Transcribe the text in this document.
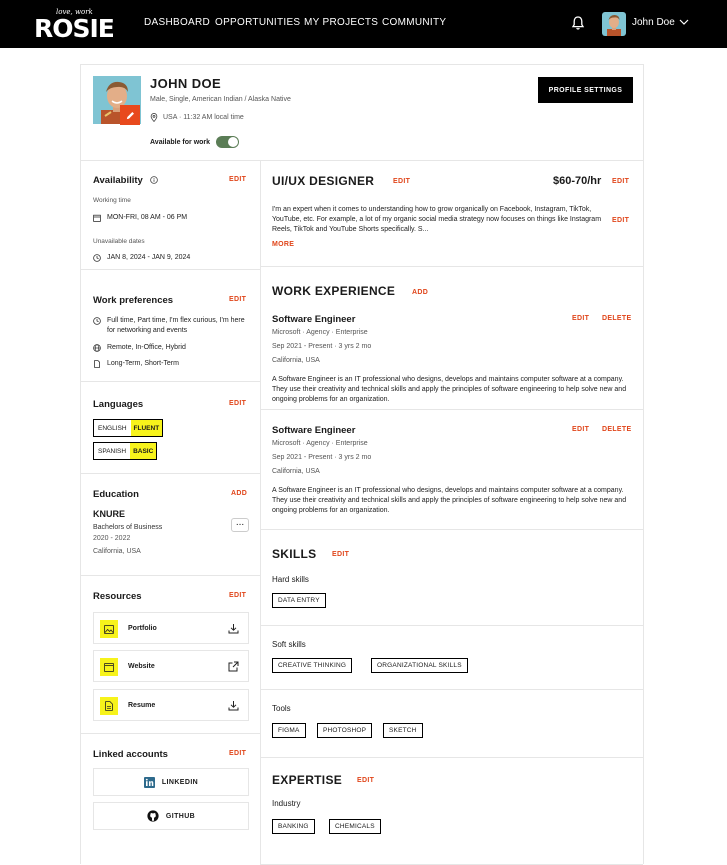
love, work
ROSIE	DASHBOARD OPPORTUNITIES MY PROJECTS COMMUNITY	John Doe
JOHN DOE
Male, Single, American Indian / Alaska Native
USA · 11:32 AM local time
Available for work
PROFILE SETTINGS
Availability	EDIT
Working time
MON-FRI, 08 AM - 06 PM
Unavailable dates
JAN 8, 2024 - JAN 9, 2024
Work preferences	EDIT
Full time, Part time, I'm flex curious, I'm here for networking and events
Remote, In-Office, Hybrid
Long-Term, Short-Term
Languages	EDIT
ENGLISH	FLUENT
SPANISH	BASIC
Education	ADD
KNURE
Bachelors of Business
2020 - 2022
California, USA
...
Resources	EDIT
Portfolio
Website
Resume
Linked accounts	EDIT
LINKEDIN
GITHUB
UI/UX DESIGNER	EDIT	$60-70/hr EDIT
I'm an expert when it comes to understanding how to grow organically on Facebook, Instagram, TikTok, YouTube, etc. For example, a lot of my organic social media strategy now focuses on things like Instagram Reels, TikTok and YouTube Shorts specifically. S...
EDIT
MORE
WORK EXPERIENCE ADD
Software Engineer	EDIT DELETE
Microsoft · Agency · Enterprise
Sep 2021 - Present · 3 yrs 2 mo
California, USA
A Software Engineer is an IT professional who designs, develops and maintains computer software at a company. They use their creativity and technical skills and apply the principles of software engineering to help solve new and ongoing problems for an organization.
Software Engineer	EDIT DELETE
Microsoft · Agency · Enterprise
Sep 2021 - Present · 3 yrs 2 mo
California, USA
A Software Engineer is an IT professional who designs, develops and maintains computer software at a company. They use their creativity and technical skills and apply the principles of software engineering to help solve new and ongoing problems for an organization.
SKILLS EDIT
Hard skills
DATA ENTRY
Soft skills
CREATIVE THINKING	ORGANIZATIONAL SKILLS
Tools
FIGMA	PHOTOSHOP	SKETCH
EXPERTISE EDIT
Industry
BANKING	CHEMICALS
